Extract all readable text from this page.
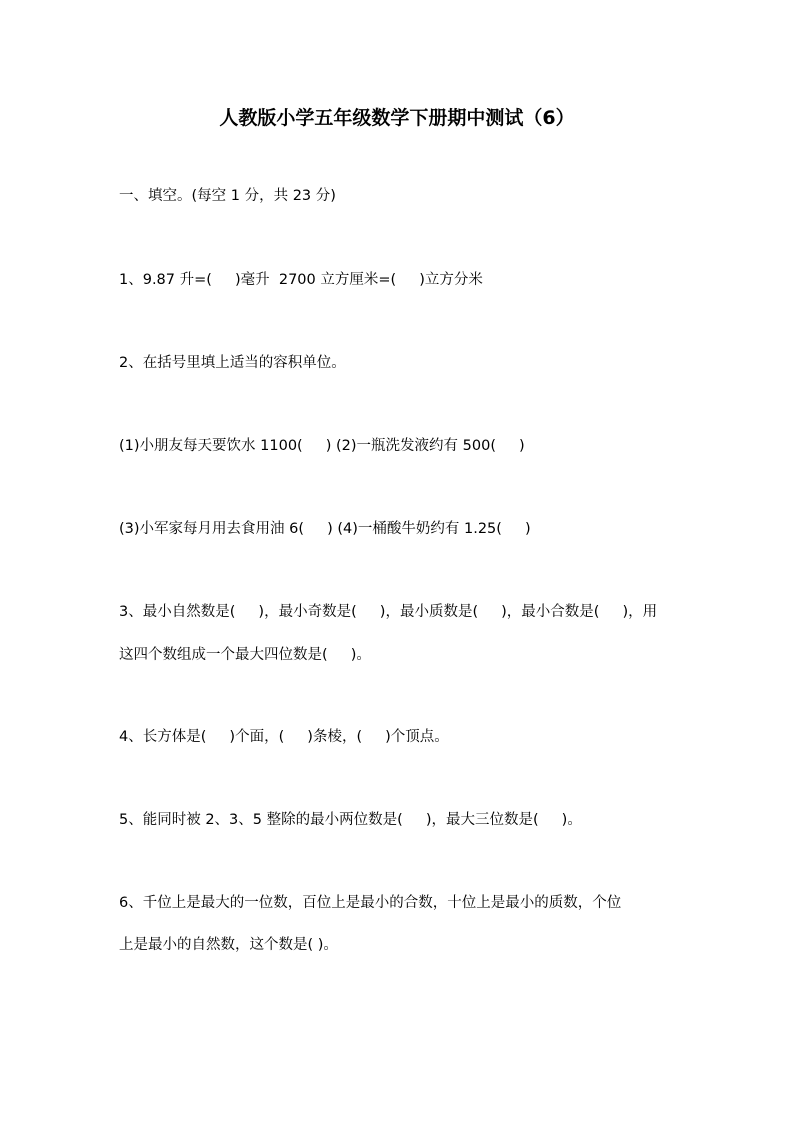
人教版小学五年级数学下册期中测试（6）
一、填空。(每空 1 分，共 23 分)
1、9.87 升=(     )毫升  2700 立方厘米=(     )立方分米
2、在括号里填上适当的容积单位。
(1)小朋友每天要饮水 1100(     ) (2)一瓶洗发液约有 500(     )
(3)小军家每月用去食用油 6(     ) (4)一桶酸牛奶约有 1.25(     )
3、最小自然数是(     )，最小奇数是(     )，最小质数是(     )，最小合数是(     )，用
这四个数组成一个最大四位数是(     )。
4、长方体是(     )个面，(     )条棱，(     )个顶点。
5、能同时被 2、3、5 整除的最小两位数是(     )，最大三位数是(     )。
6、千位上是最大的一位数，百位上是最小的合数，十位上是最小的质数，个位
上是最小的自然数，这个数是( )。
